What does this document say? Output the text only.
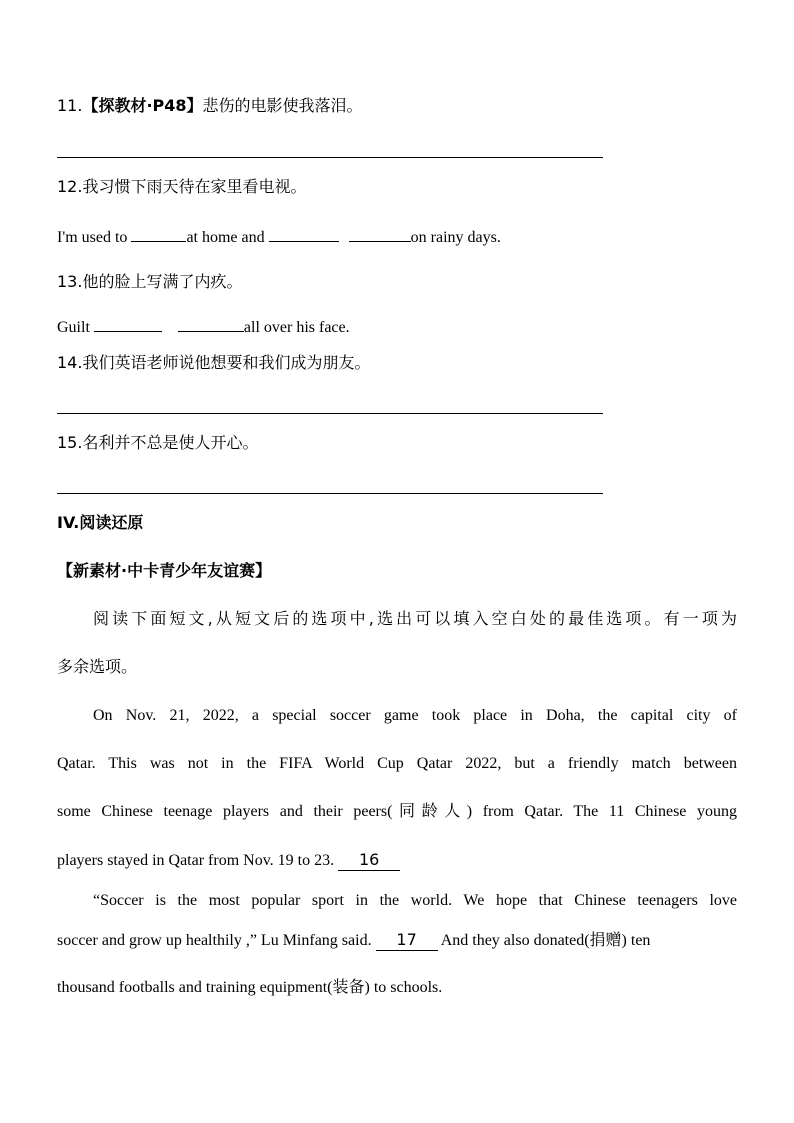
11.【探教材·P48】悲伤的电影使我落泪。
12.我习惯下雨天待在家里看电视。
I'm used to	at home and	on rainy days.
13.他的脸上写满了内疚。
Guilt	all over his face.
14.我们英语老师说他想要和我们成为朋友。
15.名利并不总是使人开心。
IV.阅读还原
【新素材·中卡青少年友谊赛】
阅读下面短文,从短文后的选项中,选出可以填入空白处的最佳选项。有一项为
多余选项。
On Nov. 21, 2022, a special soccer game took place in Doha, the capital city of
Qatar. This was not in the FIFA World Cup Qatar 2022, but a friendly match between
some Chinese teenage players and their peers(同龄人) from Qatar. The 11 Chinese young
players stayed in Qatar from Nov. 19 to 23. 16
“Soccer is the most popular sport in the world. We hope that Chinese teenagers love
soccer and grow up healthily ,” Lu Minfang said. 17 And they also donated(捐赠) ten
thousand footballs and training equipment(装备) to schools.
